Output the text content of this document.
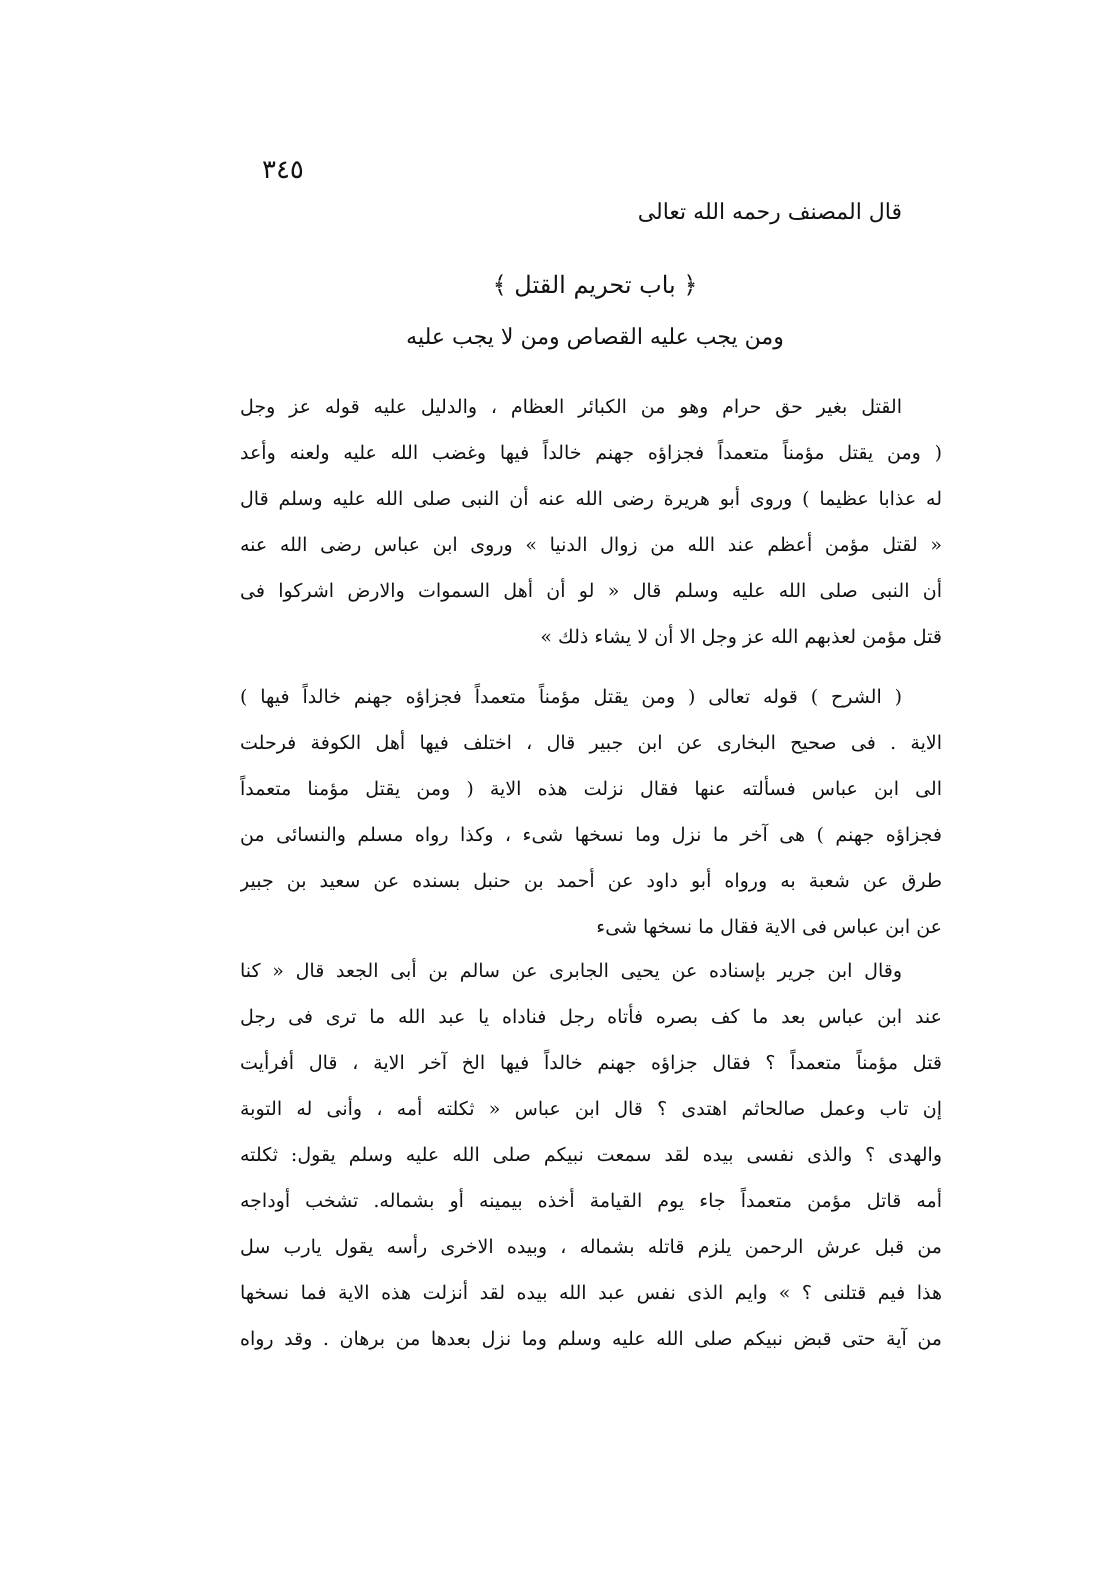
٣٤٥
قال المصنف رحمه الله تعالى
﴿ باب تحريم القتل ﴾
ومن يجب عليه القصاص ومن لا يجب عليه
القتل بغير حق حرام وهو من الكبائر العظام ، والدليل عليه قوله عز وجل
( ومن يقتل مؤمناً متعمداً فجزاؤه جهنم خالداً فيها وغضب الله عليه ولعنه وأعد
له عذابا عظيما ) وروى أبو هريرة رضى الله عنه أن النبى صلى الله عليه وسلم قال
« لقتل مؤمن أعظم عند الله من زوال الدنيا » وروى ابن عباس رضى الله عنه
أن النبى صلى الله عليه وسلم قال « لو أن أهل السموات والارض اشركوا فى
قتل مؤمن لعذبهم الله عز وجل الا أن لا يشاء ذلك »
( الشرح ) قوله تعالى ( ومن يقتل مؤمناً متعمداً فجزاؤه جهنم خالداً فيها )
الاية . فى صحيح البخارى عن ابن جبير قال ، اختلف فيها أهل الكوفة فرحلت
الى ابن عباس فسألته عنها فقال نزلت هذه الاية ( ومن يقتل مؤمنا متعمداً
فجزاؤه جهنم ) هى آخر ما نزل وما نسخها شىء ، وكذا رواه مسلم والنسائى من
طرق عن شعبة به ورواه أبو داود عن أحمد بن حنبل بسنده عن سعيد بن جبير
عن ابن عباس فى الاية فقال ما نسخها شىء
وقال ابن جرير بإسناده عن يحيى الجابرى عن سالم بن أبى الجعد قال « كنا
عند ابن عباس بعد ما كف بصره فأتاه رجل فناداه يا عبد الله ما ترى فى رجل
قتل مؤمناً متعمداً ؟ فقال جزاؤه جهنم خالداً فيها الخ آخر الاية ، قال أفرأيت
إن تاب وعمل صالحاثم اهتدى ؟ قال ابن عباس « ثكلته أمه ، وأنى له التوبة
والهدى ؟ والذى نفسى بيده لقد سمعت نبيكم صلى الله عليه وسلم يقول: ثكلته
أمه قاتل مؤمن متعمداً جاء يوم القيامة أخذه بيمينه أو بشماله. تشخب أوداجه
من قبل عرش الرحمن يلزم قاتله بشماله ، وبيده الاخرى رأسه يقول يارب سل
هذا فيم قتلنى ؟ » وايم الذى نفس عبد الله بيده لقد أنزلت هذه الاية فما نسخها
من آية حتى قبض نبيكم صلى الله عليه وسلم وما نزل بعدها من برهان . وقد رواه
